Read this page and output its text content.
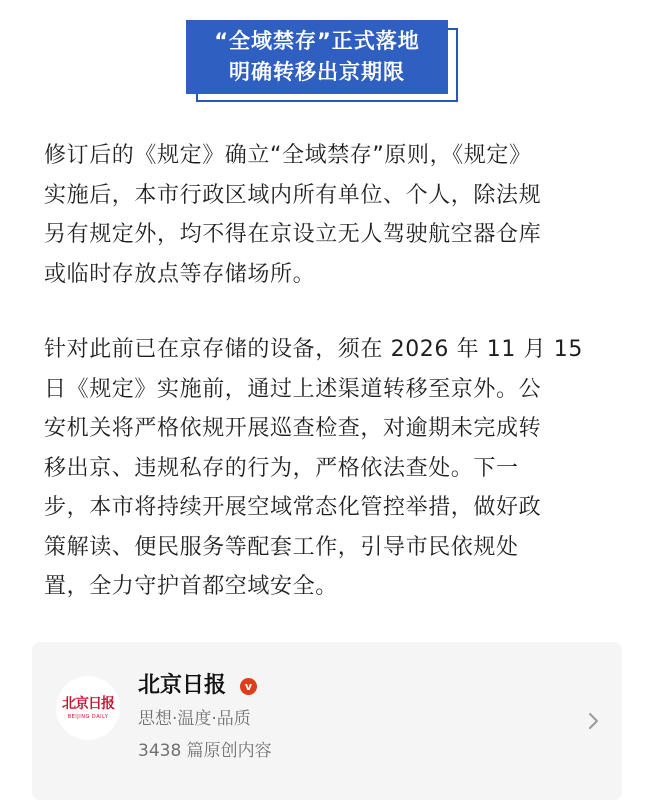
“全域禁存”正式落地
明确转移出京期限
修订后的《规定》确立“全域禁存”原则，《规定》
实施后，本市行政区域内所有单位、个人，除法规
另有规定外，均不得在京设立无人驾驶航空器仓库
或临时存放点等存储场所。
针对此前已在京存储的设备，须在 2026 年 11 月 15
日《规定》实施前，通过上述渠道转移至京外。公
安机关将严格依规开展巡查检查，对逾期未完成转
移出京、违规私存的行为，严格依法查处。下一
步，本市将持续开展空域常态化管控举措，做好政
策解读、便民服务等配套工作，引导市民依规处
置，全力守护首都空域安全。
北京日报
BEIJING DAILY
北京日报	v
思想·温度·品质
3438 篇原创内容
